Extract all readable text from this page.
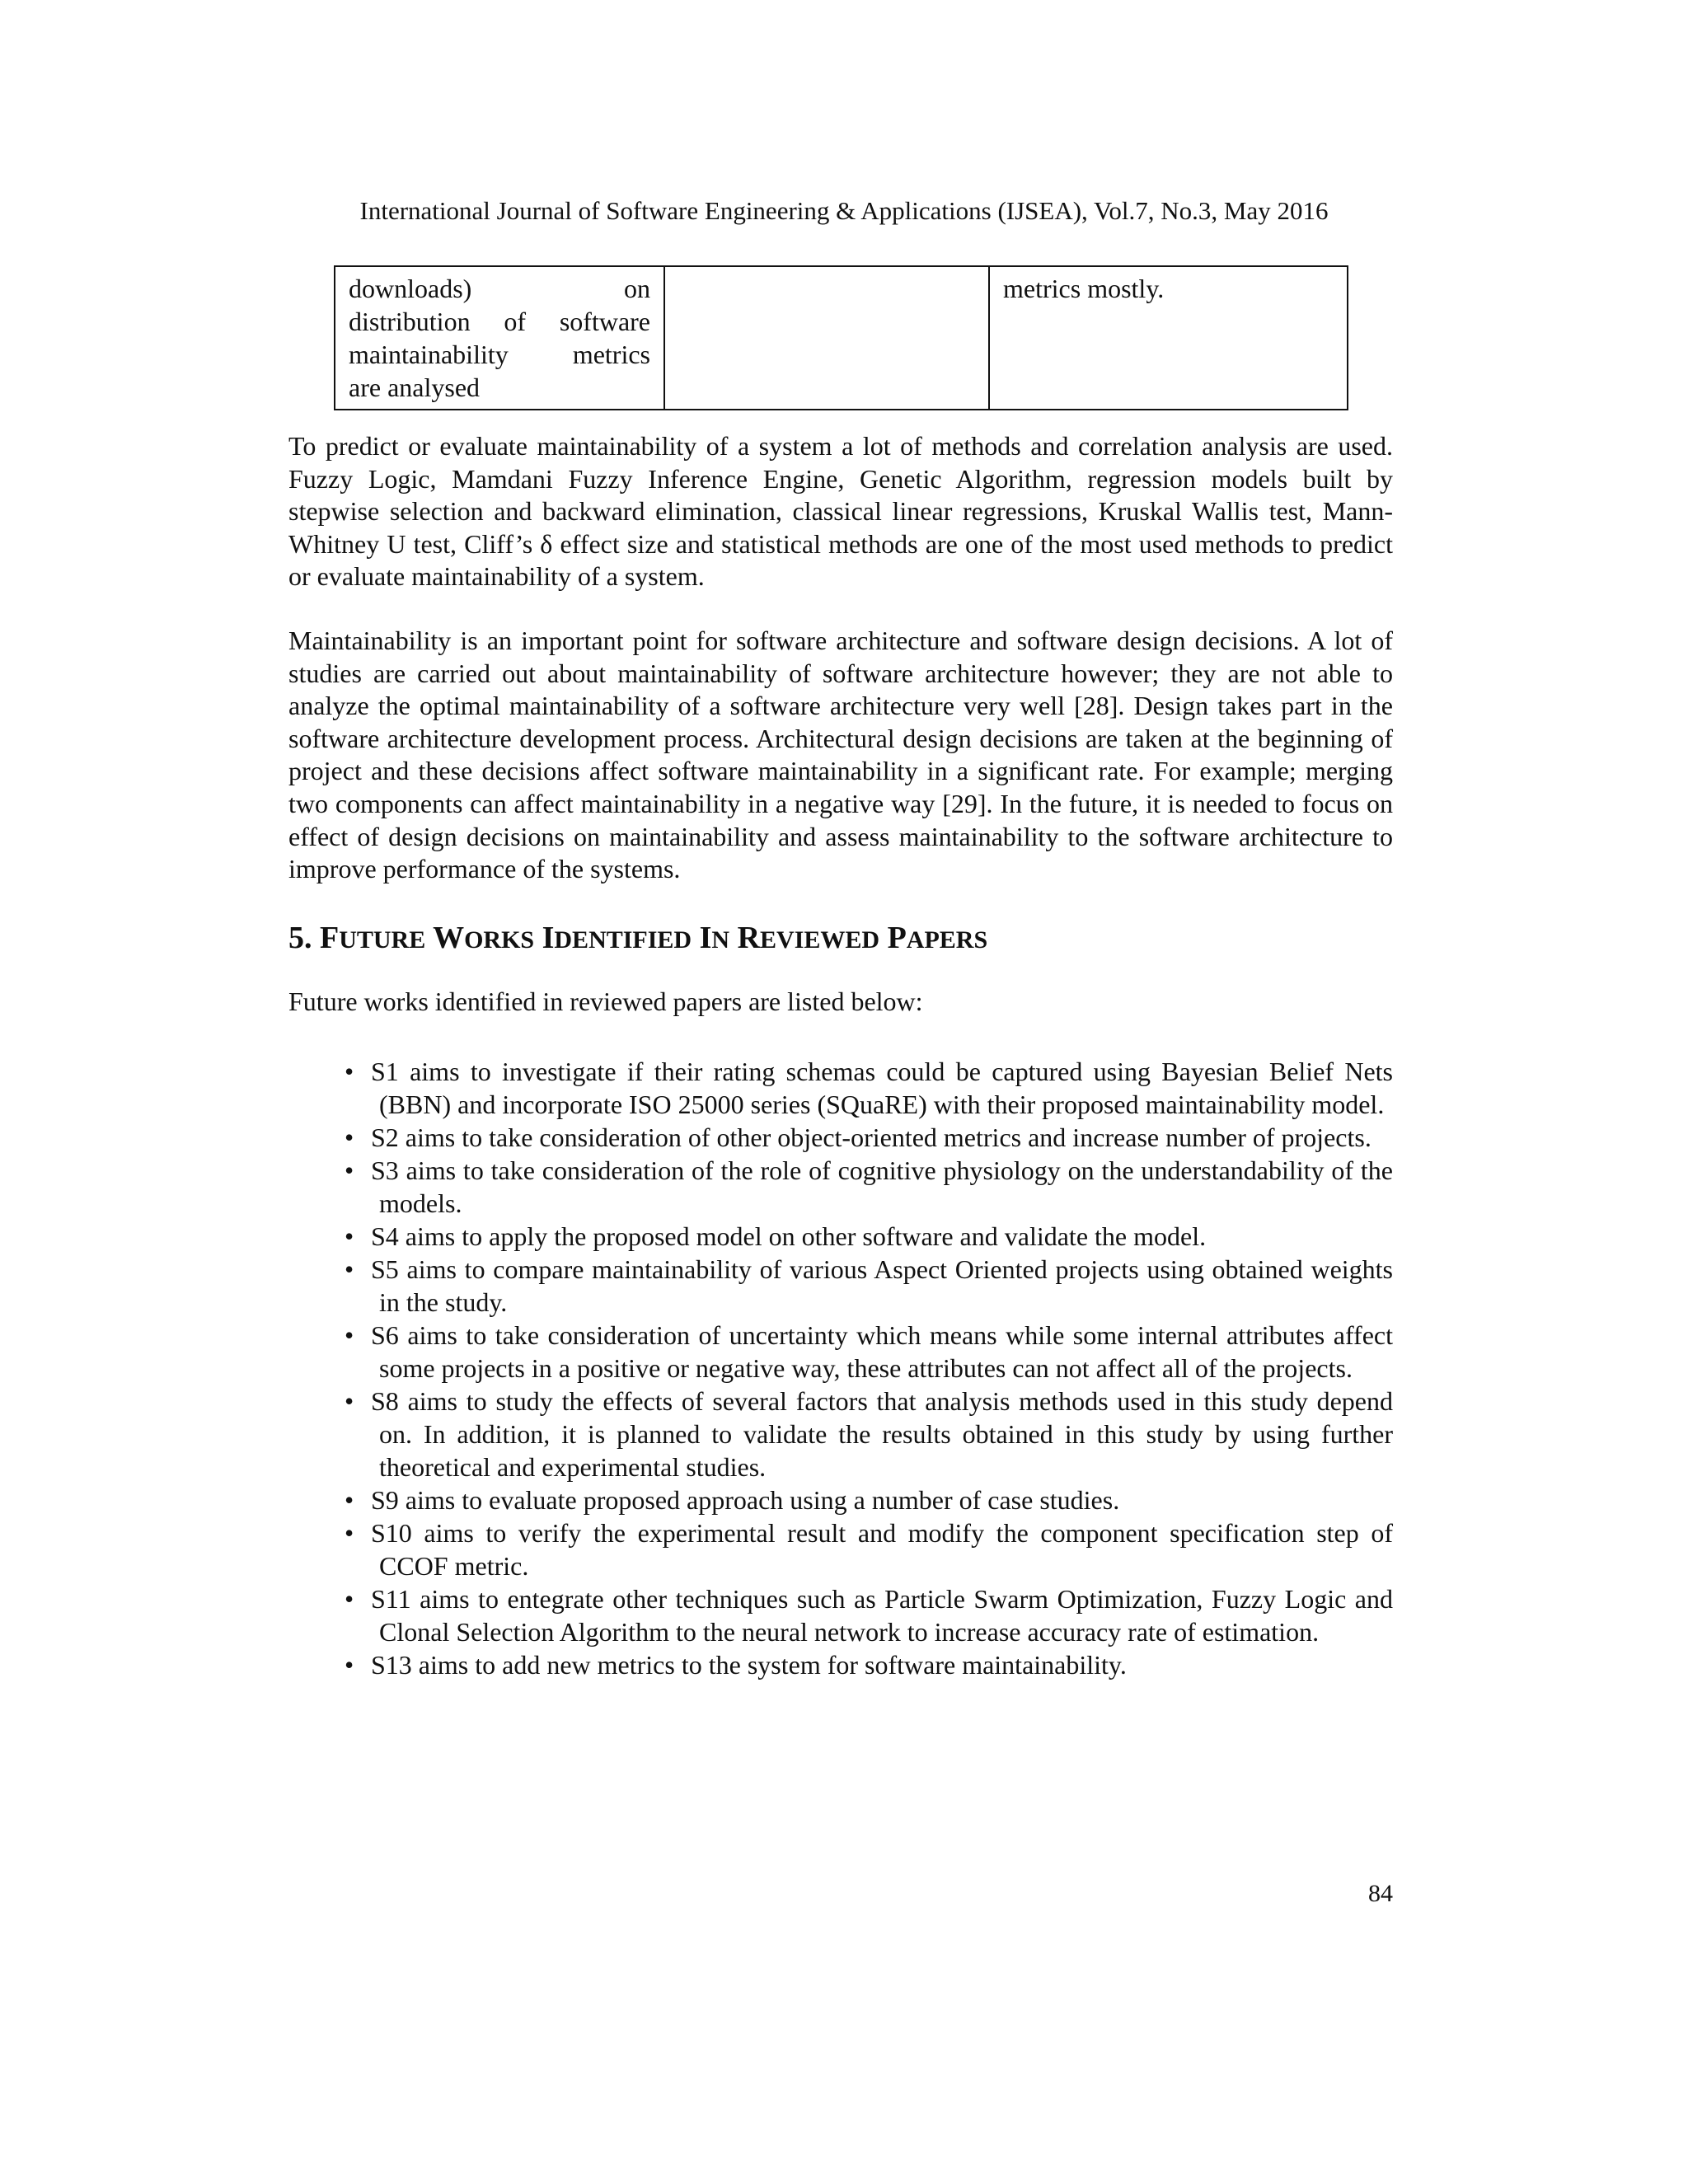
International Journal of Software Engineering & Applications (IJSEA), Vol.7, No.3, May 2016
downloads) on
distribution of software
maintainability metrics
are analysed
		metrics mostly.

To predict or evaluate maintainability of a system a lot of methods and correlation analysis are used. Fuzzy Logic, Mamdani Fuzzy Inference Engine, Genetic Algorithm, regression models built by stepwise selection and backward elimination, classical linear regressions, Kruskal Wallis test, Mann-Whitney U test, Cliff’s δ effect size and statistical methods are one of the most used methods to predict or evaluate maintainability of a system.

Maintainability is an important point for software architecture and software design decisions. A lot of studies are carried out about maintainability of software architecture however; they are not able to analyze the optimal maintainability of a software architecture very well [28]. Design takes part in the software architecture development process. Architectural design decisions are taken at the beginning of project and these decisions affect software maintainability in a significant rate. For example; merging two components can affect maintainability in a negative way [29]. In the future, it is needed to focus on effect of design decisions on maintainability and assess maintainability to the software architecture to improve performance of the systems.

5. FUTURE WORKS IDENTIFIED IN REVIEWED PAPERS

Future works identified in reviewed papers are listed below:

• S1 aims to investigate if their rating schemas could be captured using Bayesian Belief Nets (BBN) and incorporate ISO 25000 series (SQuaRE) with their proposed maintainability model.
• S2 aims to take consideration of other object-oriented metrics and increase number of projects.
• S3 aims to take consideration of the role of cognitive physiology on the understandability of the models.
• S4 aims to apply the proposed model on other software and validate the model.
• S5 aims to compare maintainability of various Aspect Oriented projects using obtained weights in the study.
• S6 aims to take consideration of uncertainty which means while some internal attributes affect some projects in a positive or negative way, these attributes can not affect all of the projects.
• S8 aims to study the effects of several factors that analysis methods used in this study depend on. In addition, it is planned to validate the results obtained in this study by using further theoretical and experimental studies.
• S9 aims to evaluate proposed approach using a number of case studies.
• S10 aims to verify the experimental result and modify the component specification step of CCOF metric.
• S11 aims to entegrate other techniques such as Particle Swarm Optimization, Fuzzy Logic and Clonal Selection Algorithm to the neural network to increase accuracy rate of estimation.
• S13 aims to add new metrics to the system for software maintainability.
84
